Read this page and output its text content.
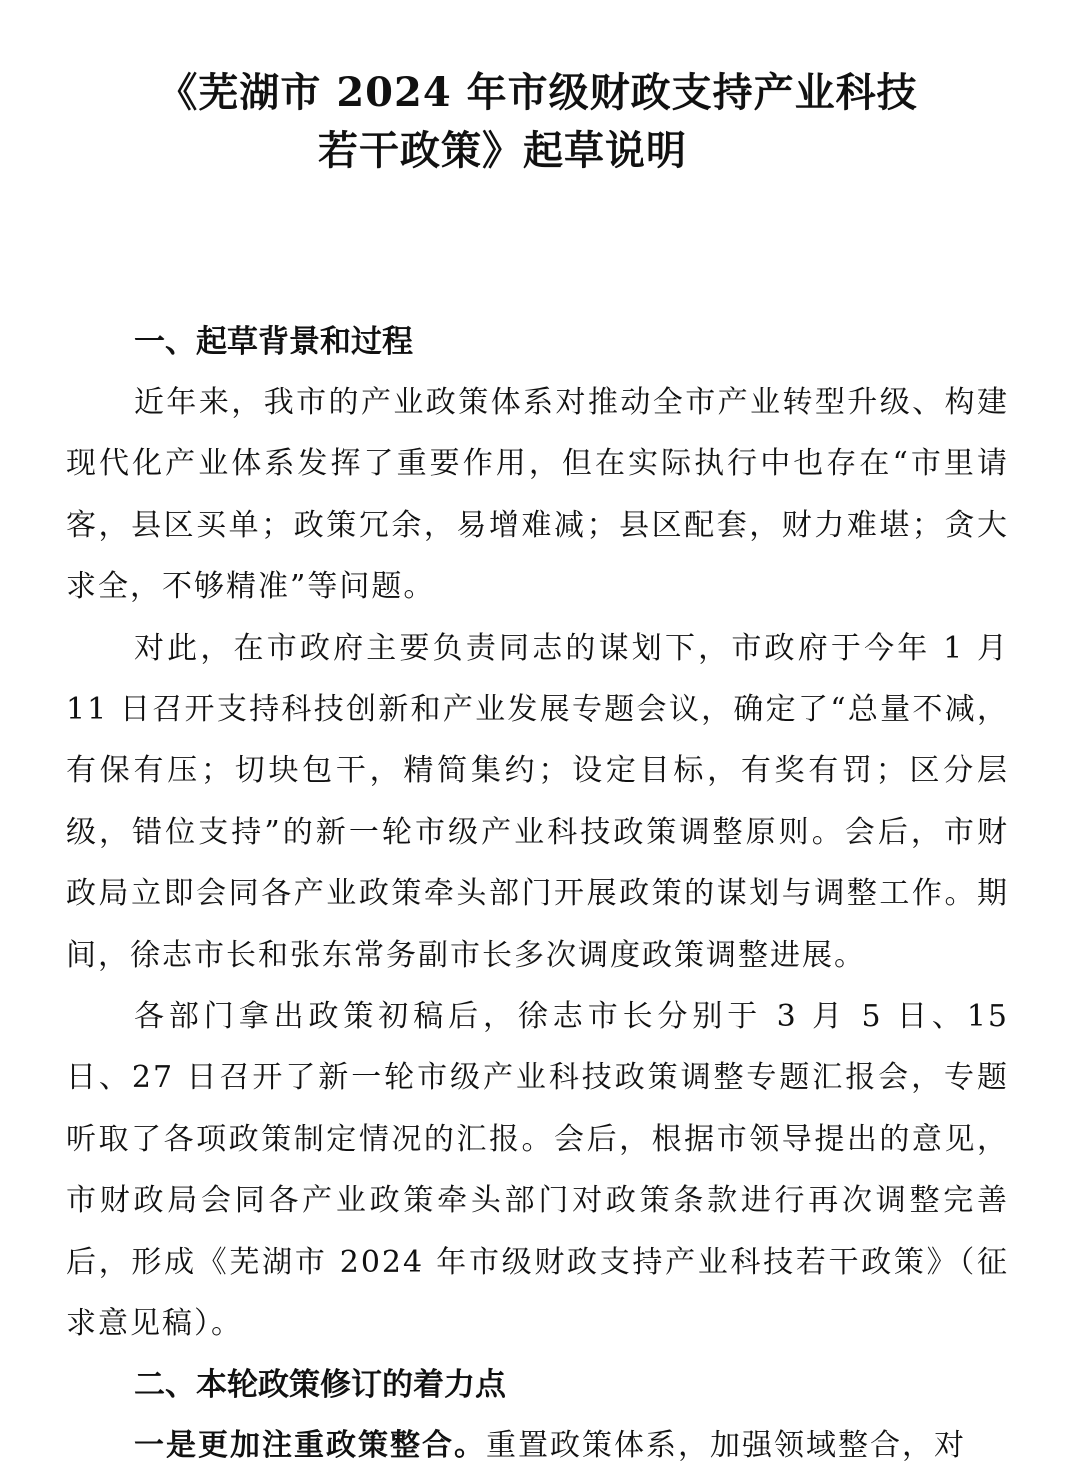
《芜湖市 2024 年市级财政支持产业科技
若干政策》起草说明
一、起草背景和过程

近年来，我市的产业政策体系对推动全市产业转型升级、构建现代化产业体系发挥了重要作用，但在实际执行中也存在“市里请客，县区买单；政策冗余，易增难减；县区配套，财力难堪；贪大求全，不够精准”等问题。

对此，在市政府主要负责同志的谋划下，市政府于今年 1 月 11 日召开支持科技创新和产业发展专题会议，确定了“总量不减，有保有压；切块包干，精简集约；设定目标，有奖有罚；区分层级，错位支持”的新一轮市级产业科技政策调整原则。会后，市财政局立即会同各产业政策牵头部门开展政策的谋划与调整工作。期间，徐志市长和张东常务副市长多次调度政策调整进展。

各部门拿出政策初稿后，徐志市长分别于 3 月 5 日、15 日、27 日召开了新一轮市级产业科技政策调整专题汇报会，专题听取了各项政策制定情况的汇报。会后，根据市领导提出的意见，市财政局会同各产业政策牵头部门对政策条款进行再次调整完善后，形成《芜湖市 2024 年市级财政支持产业科技若干政策》（征求意见稿）。

二、本轮政策修订的着力点

一是更加注重政策整合。重置政策体系，加强领域整合，对
